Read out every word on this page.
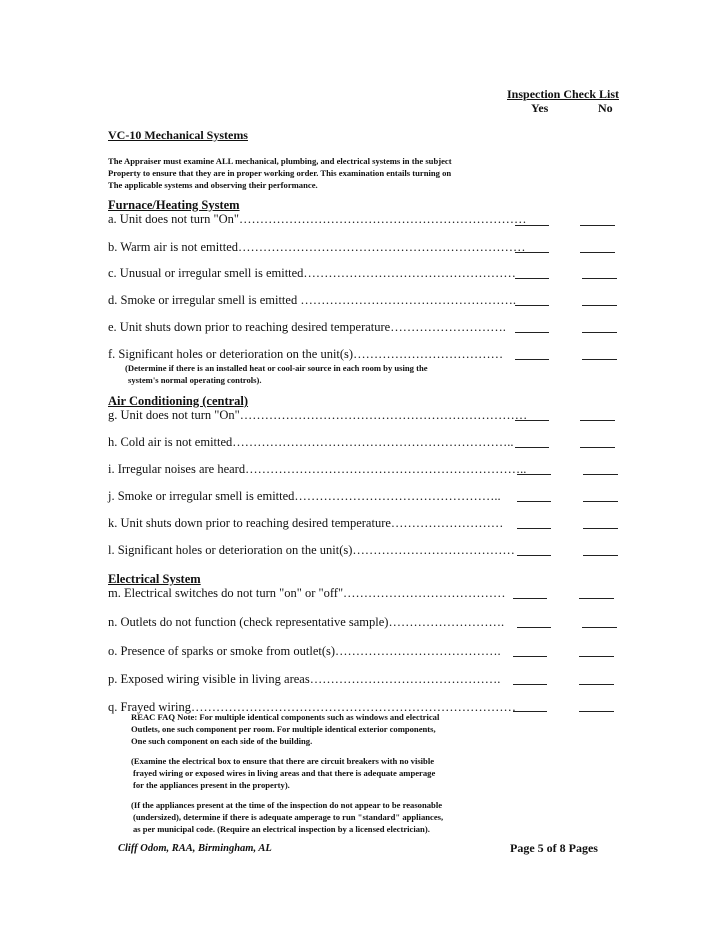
Inspection Check List
Yes	No
VC-10 Mechanical Systems
The Appraiser must examine ALL mechanical, plumbing, and electrical systems in the subject
Property to ensure that they are in proper working order. This examination entails turning on
The applicable systems and observing their performance.
Furnace/Heating System
a. Unit does not turn "On"……………………………………………………………
b. Warm air is not emitted……………………………………………………………
c. Unusual or irregular smell is emitted……………………………………………
d. Smoke or irregular smell is emitted …………………………………………….
e. Unit shuts down prior to reaching desired temperature……………………….
f. Significant holes or deterioration on the unit(s)………………………………
(Determine if there is an installed heat or cool-air source in each room by using the
system's normal operating controls).
Air Conditioning (central)
g. Unit does not turn "On"……………………………………………………………
h. Cold air is not emitted…………………………………………………………..
i. Irregular noises are heard…………………………………………………………..
j. Smoke or irregular smell is emitted…………………………………………..
k. Unit shuts down prior to reaching desired temperature………………………
l. Significant holes or deterioration on the unit(s)…………………………………
Electrical System
m. Electrical switches do not turn "on" or "off"…………………………………
n. Outlets do not function (check representative sample)……………………….
o. Presence of sparks or smoke from outlet(s)………………………………….
p. Exposed wiring visible in living areas……………………………………….
q. Frayed wiring……………………………………………………………………
REAC FAQ Note: For multiple identical components such as windows and electrical
Outlets, one such component per room. For multiple identical exterior components,
One such component on each side of the building.
(Examine the electrical box to ensure that there are circuit breakers with no visible
frayed wiring or exposed wires in living areas and that there is adequate amperage
for the appliances present in the property).
(If the appliances present at the time of the inspection do not appear to be reasonable
(undersized), determine if there is adequate amperage to run "standard" appliances,
as per municipal code. (Require an electrical inspection by a licensed electrician).
Cliff Odom, RAA, Birmingham, AL	Page 5 of 8 Pages
